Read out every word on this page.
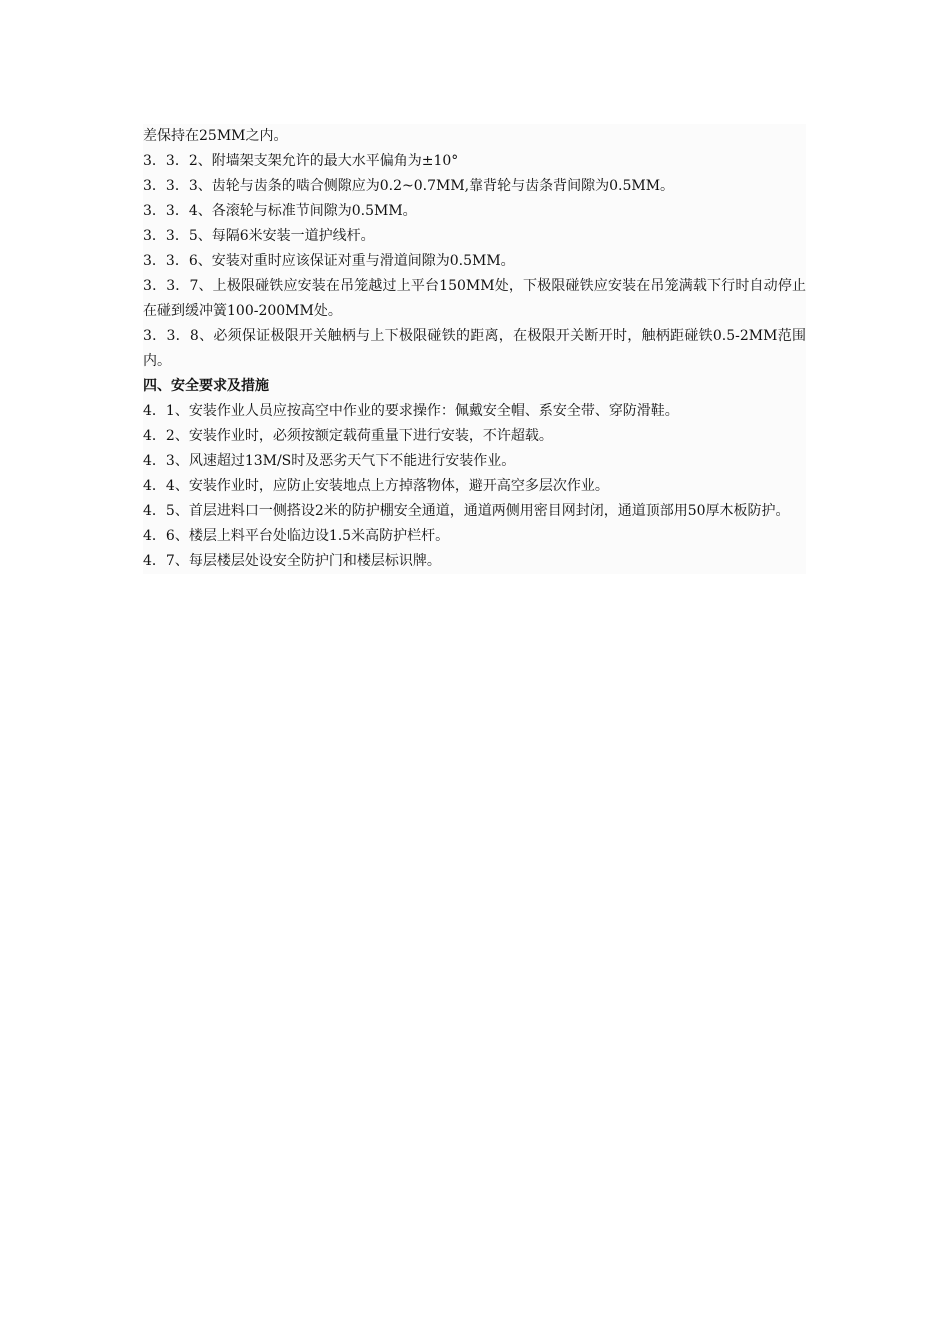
差保持在25MM之内。

3．3．2、附墙架支架允许的最大水平偏角为±10°

3．3．3、齿轮与齿条的啮合侧隙应为0.2~0.7MM,靠背轮与齿条背间隙为0.5MM。

3．3．4、各滚轮与标准节间隙为0.5MM。

3．3．5、每隔6米安装一道护线杆。

3．3．6、安装对重时应该保证对重与滑道间隙为0.5MM。

3．3．7、上极限碰铁应安装在吊笼越过上平台150MM处，下极限碰铁应安装在吊笼满载下行时自动停止在碰到缓冲簧100-200MM处。

3．3．8、必须保证极限开关触柄与上下极限碰铁的距离，在极限开关断开时，触柄距碰铁0.5-2MM范围内。

四、安全要求及措施

4．1、安装作业人员应按高空中作业的要求操作：佩戴安全帽、系安全带、穿防滑鞋。

4．2、安装作业时，必须按额定载荷重量下进行安装，不许超载。

4．3、风速超过13M/S时及恶劣天气下不能进行安装作业。

4．4、安装作业时，应防止安装地点上方掉落物体，避开高空多层次作业。

4．5、首层进料口一侧搭设2米的防护棚安全通道，通道两侧用密目网封闭，通道顶部用50厚木板防护。

4．6、楼层上料平台处临边设1.5米高防护栏杆。

4．7、每层楼层处设安全防护门和楼层标识牌。
